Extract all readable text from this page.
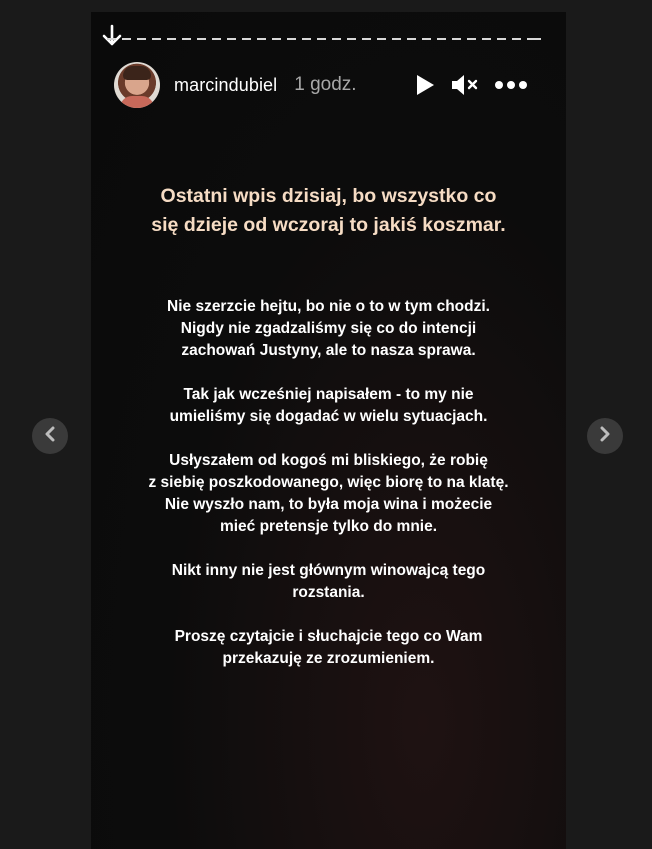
marcindubiel 1 godz.

Ostatni wpis dzisiaj, bo wszystko co
się dzieje od wczoraj to jakiś koszmar.

Nie szerzcie hejtu, bo nie o to w tym chodzi.
Nigdy nie zgadzaliśmy się co do intencji
zachowań Justyny, ale to nasza sprawa.

Tak jak wcześniej napisałem - to my nie
umieliśmy się dogadać w wielu sytuacjach.

Usłyszałem od kogoś mi bliskiego, że robię
z siebię poszkodowanego, więc biorę to na klatę.
Nie wyszło nam, to była moja wina i możecie
mieć pretensje tylko do mnie.

Nikt inny nie jest głównym winowajcą tego
rozstania.

Proszę czytajcie i słuchajcie tego co Wam
przekazuję ze zrozumieniem.
